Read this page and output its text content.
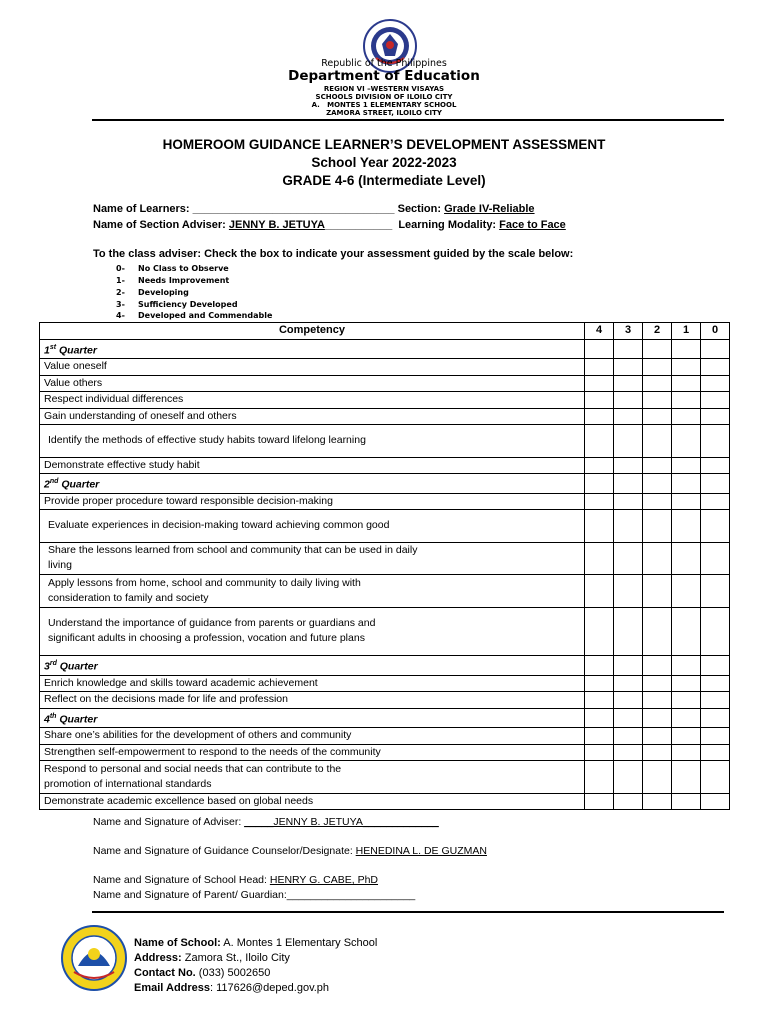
Republic of the Philippines
Department of Education
REGION VI –WESTERN VISAYAS
SCHOOLS DIVISION OF ILOILO CITY
A. MONTES 1 ELEMENTARY SCHOOL
ZAMORA STREET, ILOILO CITY
HOMEROOM GUIDANCE LEARNER’S DEVELOPMENT ASSESSMENT
School Year 2022-2023
GRADE 4-6 (Intermediate Level)
Name of Learners: _________________________________ Section: Grade IV-Reliable
Name of Section Adviser: JENNY B. JETUYA___________ Learning Modality: Face to Face
To the class adviser: Check the box to indicate your assessment guided by the scale below:
0- No Class to Observe
1- Needs Improvement
2- Developing
3- Sufficiency Developed
4- Developed and Commendable
Competency	4	3	2	1	0
1st Quarter					
Value oneself					
Value others					
Respect individual differences					
Gain understanding of oneself and others					
Identify the methods of effective study habits toward lifelong learning					
Demonstrate effective study habit					
2nd Quarter					
Provide proper procedure toward responsible decision-making					
Evaluate experiences in decision-making toward achieving common good					
Share the lessons learned from school and community that can be used in daily living					
Apply lessons from home, school and community to daily living with consideration to family and society					
Understand the importance of guidance from parents or guardians and significant adults in choosing a profession, vocation and future plans					
3rd Quarter					
Enrich knowledge and skills toward academic achievement					
Reflect on the decisions made for life and profession					
4th Quarter					
Share one’s abilities for the development of others and community					
Strengthen self-empowerment to respond to the needs of the community					
Respond to personal and social needs that can contribute to the promotion of international standards					
Demonstrate academic excellence based on global needs					
Name and Signature of Adviser: _____JENNY B. JETUYA_____________
Name and Signature of Guidance Counselor/Designate: HENEDINA L. DE GUZMAN
Name and Signature of School Head: HENRY G. CABE, PhD
Name and Signature of Parent/ Guardian:______________________
Name of School: A. Montes 1 Elementary School
Address: Zamora St., Iloilo City
Contact No. (033) 5002650
Email Address: 117626@deped.gov.ph
